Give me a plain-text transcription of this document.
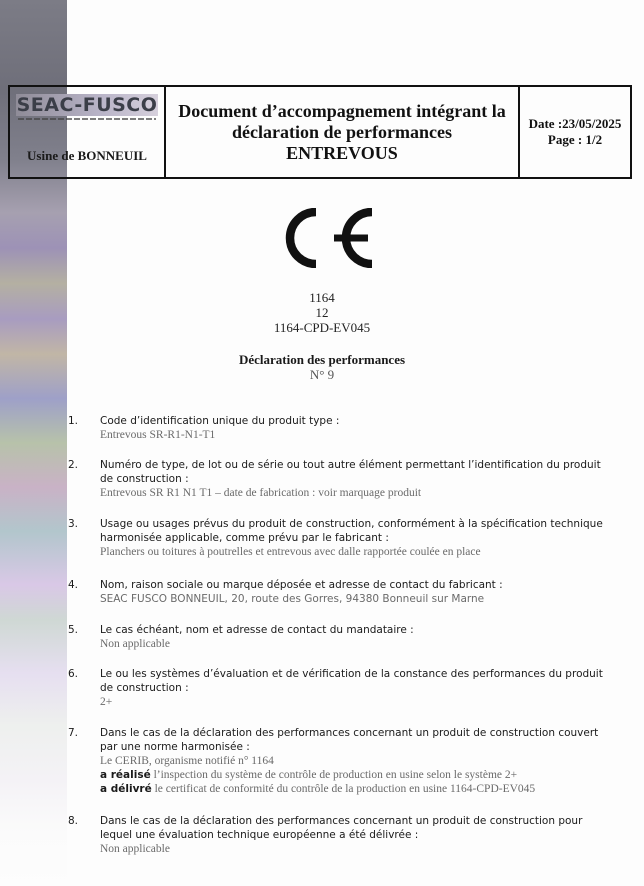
SEAC-FUSCO
Usine de BONNEUIL
Document d’accompagnement intégrant la
déclaration de performances
ENTREVOUS
Date :23/05/2025
Page : 1/2
1164
12
1164-CPD-EV045
Déclaration des performances
N° 9
1. Code d’identification unique du produit type :
Entrevous SR-R1-N1-T1
2. Numéro de type, de lot ou de série ou tout autre élément permettant l’identification du produit de construction :
Entrevous SR R1 N1 T1 – date de fabrication : voir marquage produit
3. Usage ou usages prévus du produit de construction, conformément à la spécification technique harmonisée applicable, comme prévu par le fabricant :
Planchers ou toitures à poutrelles et entrevous avec dalle rapportée coulée en place
4. Nom, raison sociale ou marque déposée et adresse de contact du fabricant :
SEAC FUSCO BONNEUIL, 20, route des Gorres, 94380 Bonneuil sur Marne
5. Le cas échéant, nom et adresse de contact du mandataire :
Non applicable
6. Le ou les systèmes d’évaluation et de vérification de la constance des performances du produit de construction :
2+
7. Dans le cas de la déclaration des performances concernant un produit de construction couvert par une norme harmonisée :
Le CERIB, organisme notifié n° 1164
a réalisé l’inspection du système de contrôle de production en usine selon le système 2+
a délivré le certificat de conformité du contrôle de la production en usine 1164-CPD-EV045
8. Dans le cas de la déclaration des performances concernant un produit de construction pour lequel une évaluation technique européenne a été délivrée :
Non applicable
